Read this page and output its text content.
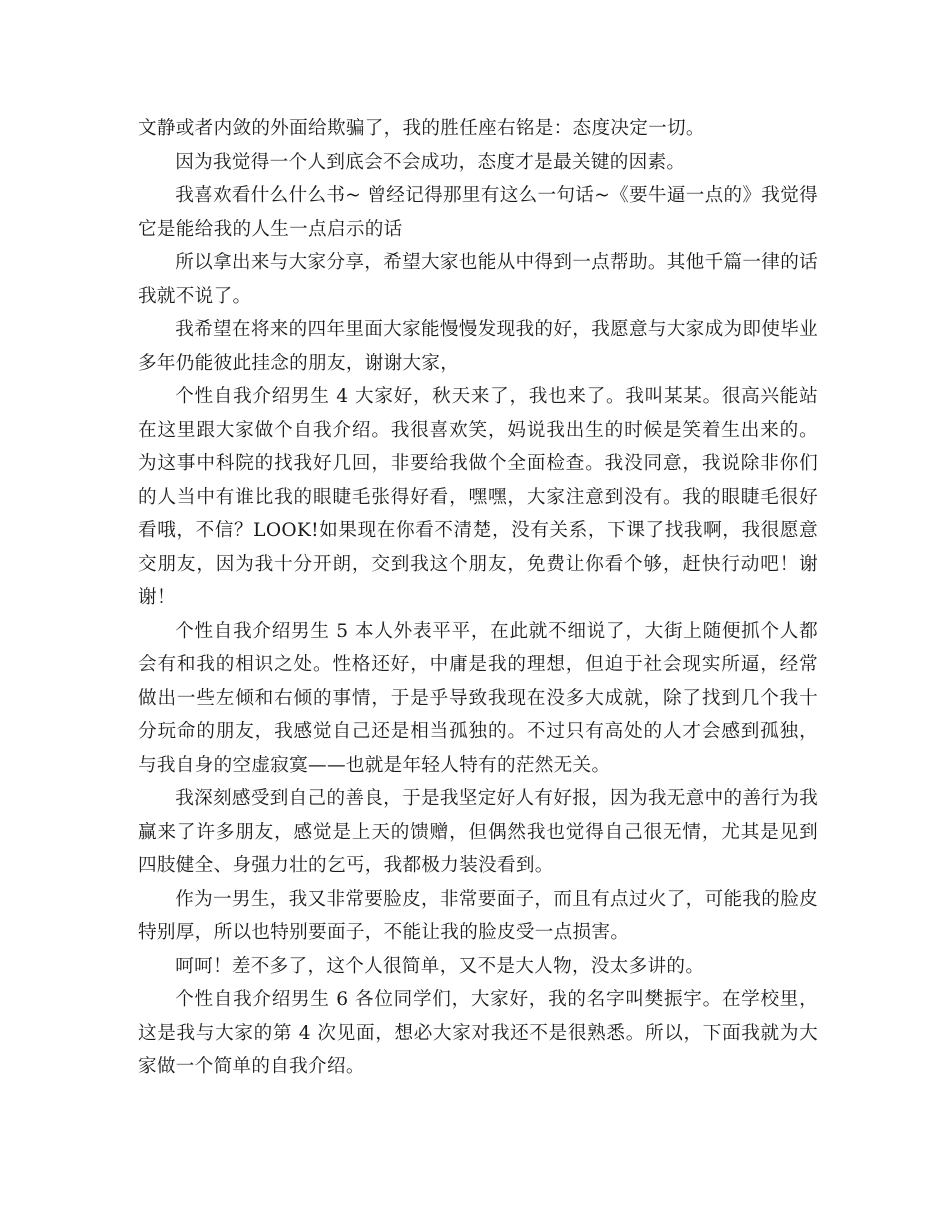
文静或者内敛的外面给欺骗了，我的胜任座右铭是：态度决定一切。

因为我觉得一个人到底会不会成功，态度才是最关键的因素。

我喜欢看什么什么书~ 曾经记得那里有这么一句话~《要牛逼一点的》我觉得它是能给我的人生一点启示的话

所以拿出来与大家分享，希望大家也能从中得到一点帮助。其他千篇一律的话我就不说了。

我希望在将来的四年里面大家能慢慢发现我的好，我愿意与大家成为即使毕业多年仍能彼此挂念的朋友，谢谢大家，

个性自我介绍男生 4 大家好，秋天来了，我也来了。我叫某某。很高兴能站在这里跟大家做个自我介绍。我很喜欢笑，妈说我出生的时候是笑着生出来的。为这事中科院的找我好几回，非要给我做个全面检查。我没同意，我说除非你们的人当中有谁比我的眼睫毛张得好看，嘿嘿，大家注意到没有。我的眼睫毛很好看哦，不信？LOOK!如果现在你看不清楚，没有关系，下课了找我啊，我很愿意交朋友，因为我十分开朗，交到我这个朋友，免费让你看个够，赶快行动吧！谢谢！

个性自我介绍男生 5 本人外表平平，在此就不细说了，大街上随便抓个人都会有和我的相识之处。性格还好，中庸是我的理想，但迫于社会现实所逼，经常做出一些左倾和右倾的事情，于是乎导致我现在没多大成就，除了找到几个我十分玩命的朋友，我感觉自己还是相当孤独的。不过只有高处的人才会感到孤独，与我自身的空虚寂寞——也就是年轻人特有的茫然无关。

我深刻感受到自己的善良，于是我坚定好人有好报，因为我无意中的善行为我赢来了许多朋友，感觉是上天的馈赠，但偶然我也觉得自己很无情，尤其是见到四肢健全、身强力壮的乞丐，我都极力装没看到。

作为一男生，我又非常要脸皮，非常要面子，而且有点过火了，可能我的脸皮特别厚，所以也特别要面子，不能让我的脸皮受一点损害。

呵呵！差不多了，这个人很简单，又不是大人物，没太多讲的。

个性自我介绍男生 6 各位同学们，大家好，我的名字叫樊振宇。在学校里，这是我与大家的第 4 次见面，想必大家对我还不是很熟悉。所以，下面我就为大家做一个简单的自我介绍。
